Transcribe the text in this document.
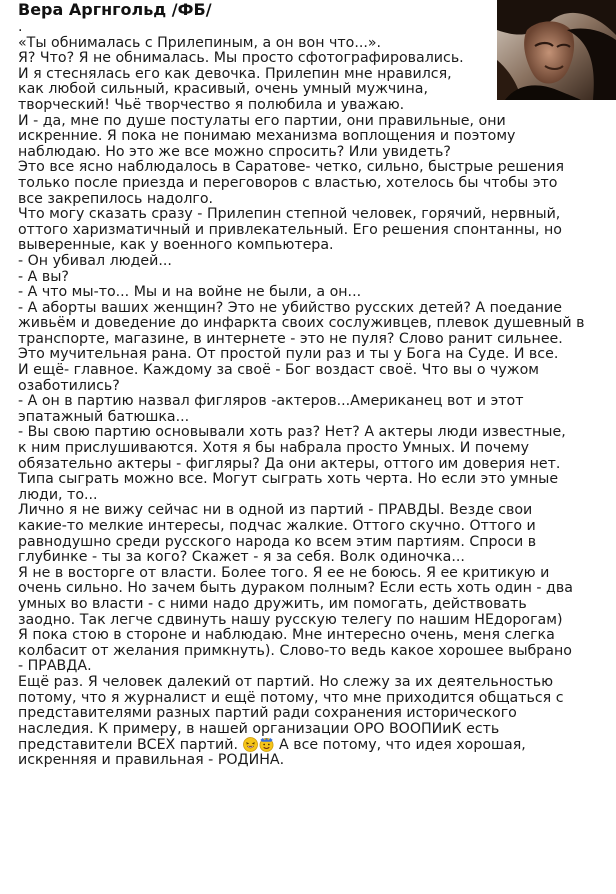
Вера Аргнгольд /ФБ/
.
«Ты обнималась с Прилепиным, а он вон что...».
Я? Что? Я не обнималась. Мы просто сфотографировались.
И я стеснялась его как девочка. Прилепин мне нравился,
как любой сильный, красивый, очень умный мужчина,
творческий! Чьё творчество я полюбила и уважаю.
И - да, мне по душе постулаты его партии, они правильные, они
искренние. Я пока не понимаю механизма воплощения и поэтому
наблюдаю. Но это же все можно спросить? Или увидеть?
Это все ясно наблюдалось в Саратове- четко, сильно, быстрые решения
только после приезда и переговоров с властью, хотелось бы чтобы это
все закрепилось надолго.
Что могу сказать сразу - Прилепин степной человек, горячий, нервный,
оттого харизматичный и привлекательный. Его решения спонтанны, но
выверенные, как у военного компьютера.
- Он убивал людей...
- А вы?
- А что мы-то... Мы и на войне не были, а он...
- А аборты ваших женщин? Это не убийство русских детей? А поедание
живьём и доведение до инфаркта своих сослуживцев, плевок душевный в
транспорте, магазине, в интернете - это не пуля? Слово ранит сильнее.
Это мучительная рана. От простой пули раз и ты у Бога на Суде. И все.
И ещё- главное. Каждому за своё - Бог воздаст своё. Что вы о чужом
озаботились?
- А он в партию назвал фигляров -актеров...Американец вот и этот
эпатажный батюшка...
- Вы свою партию основывали хоть раз? Нет? А актеры люди известные,
к ним прислушиваются. Хотя я бы набрала просто Умных. И почему
обязательно актеры - фигляры? Да они актеры, оттого им доверия нет.
Типа сыграть можно все. Могут сыграть хоть черта. Но если это умные
люди, то...
Лично я не вижу сейчас ни в одной из партий - ПРАВДЫ. Везде свои
какие-то мелкие интересы, подчас жалкие. Оттого скучно. Оттого и
равнодушно среди русского народа ко всем этим партиям. Спроси в
глубинке - ты за кого? Скажет - я за себя. Волк одиночка...
Я не в восторге от власти. Более того. Я ее не боюсь. Я ее критикую и
очень сильно. Но зачем быть дураком полным? Если есть хоть один - два
умных во власти - с ними надо дружить, им помогать, действовать
заодно. Так легче сдвинуть нашу русскую телегу по нашим НЕдорогам)
Я пока стою в стороне и наблюдаю. Мне интересно очень, меня слегка
колбасит от желания примкнуть). Слово-то ведь какое хорошее выбрано
- ПРАВДА.
Ещё раз. Я человек далекий от партий. Но слежу за их деятельностью
потому, что я журналист и ещё потому, что мне приходится общаться с
представителями разных партий ради сохранения исторического
наследия. К примеру, в нашей организации ОРО ВООПИиК есть
представители ВСЕХ партий.  А все потому, что идея хорошая,
искренняя и правильная - РОДИНА.
